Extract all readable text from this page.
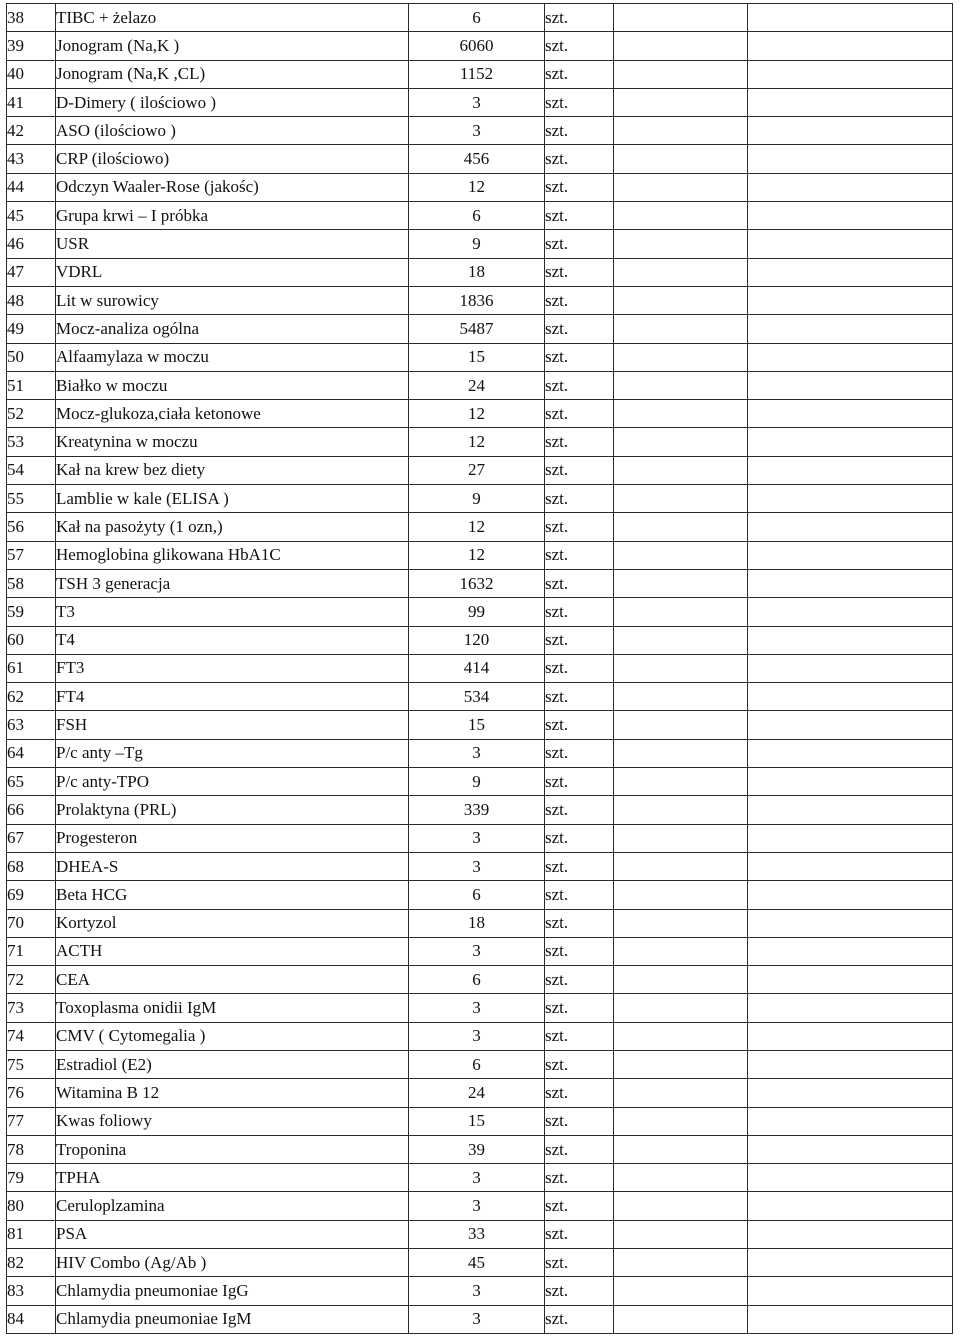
38	TIBC + żelazo	6	szt.		
39	Jonogram (Na,K )	6060	szt.		
40	Jonogram (Na,K ,CL)	1152	szt.		
41	D-Dimery ( ilościowo )	3	szt.		
42	ASO (ilościowo )	3	szt.		
43	CRP (ilościowo)	456	szt.		
44	Odczyn Waaler-Rose (jakośc)	12	szt.		
45	Grupa krwi – I próbka	6	szt.		
46	USR	9	szt.		
47	VDRL	18	szt.		
48	Lit w surowicy	1836	szt.		
49	Mocz-analiza ogólna	5487	szt.		
50	Alfaamylaza w moczu	15	szt.		
51	Białko w moczu	24	szt.		
52	Mocz-glukoza,ciała ketonowe	12	szt.		
53	Kreatynina w moczu	12	szt.		
54	Kał na krew bez diety	27	szt.		
55	Lamblie w kale (ELISA )	9	szt.		
56	Kał na pasożyty (1 ozn,)	12	szt.		
57	Hemoglobina glikowana HbA1C	12	szt.		
58	TSH 3 generacja	1632	szt.		
59	T3	99	szt.		
60	T4	120	szt.		
61	FT3	414	szt.		
62	FT4	534	szt.		
63	FSH	15	szt.		
64	P/c anty –Tg	3	szt.		
65	P/c anty-TPO	9	szt.		
66	Prolaktyna (PRL)	339	szt.		
67	Progesteron	3	szt.		
68	DHEA-S	3	szt.		
69	Beta HCG	6	szt.		
70	Kortyzol	18	szt.		
71	ACTH	3	szt.		
72	CEA	6	szt.		
73	Toxoplasma onidii IgM	3	szt.		
74	CMV ( Cytomegalia )	3	szt.		
75	Estradiol (E2)	6	szt.		
76	Witamina B 12	24	szt.		
77	Kwas foliowy	15	szt.		
78	Troponina	39	szt.		
79	TPHA	3	szt.		
80	Ceruloplzamina	3	szt.		
81	PSA	33	szt.		
82	HIV Combo (Ag/Ab )	45	szt.		
83	Chlamydia pneumoniae IgG	3	szt.		
84	Chlamydia pneumoniae IgM	3	szt.		
